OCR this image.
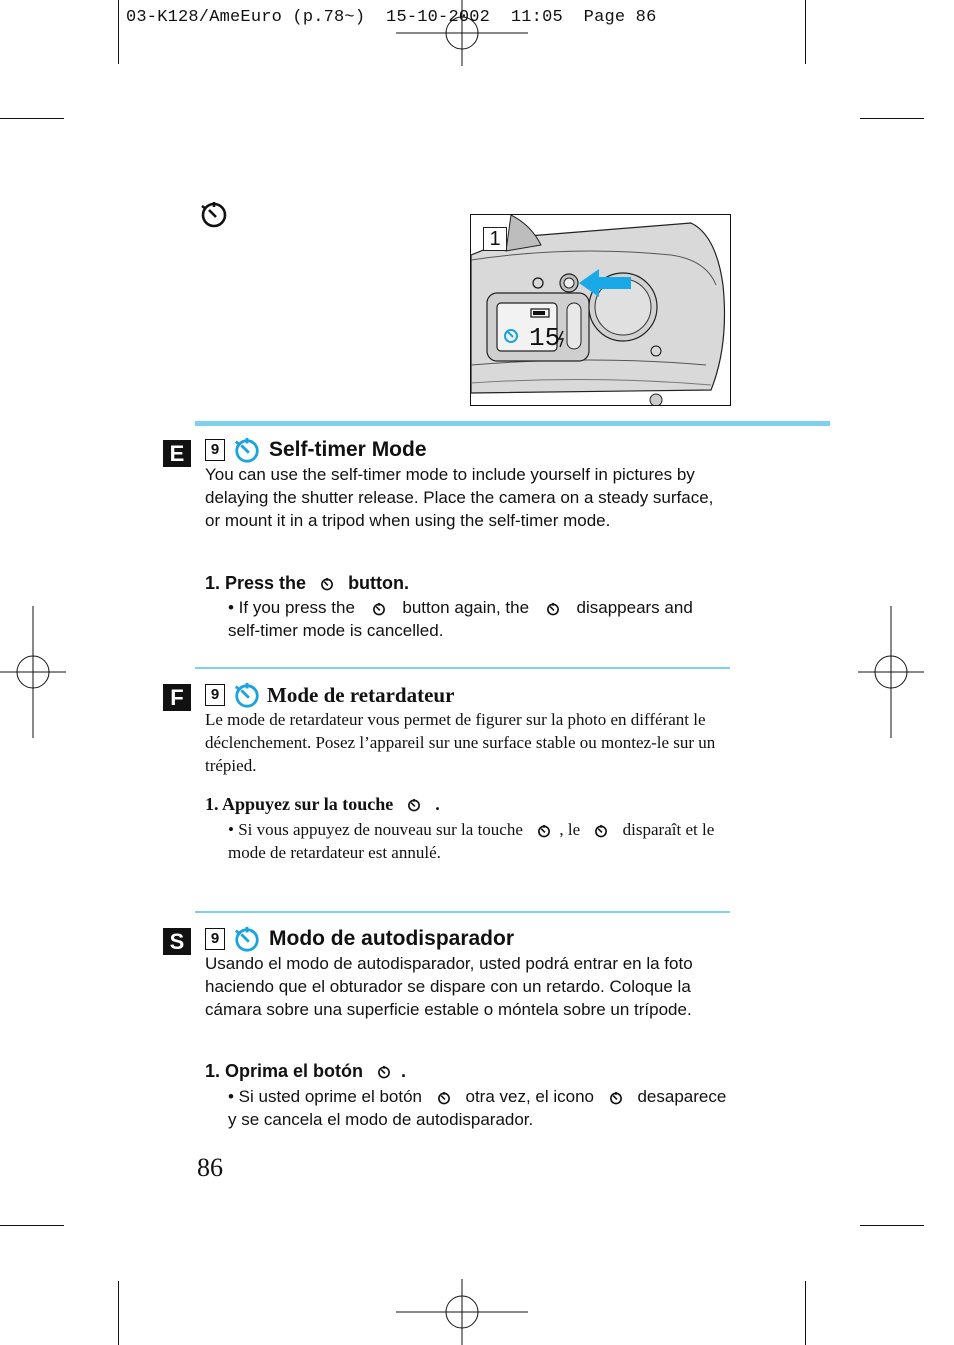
03-K128/AmeEuro (p.78~)  15-10-2002  11:05  Page 86
15
1
E	9 Self-timer Mode
You can use the self-timer mode to include yourself in pictures by delaying the shutter release. Place the camera on a steady surface, or mount it in a tripod when using the self-timer mode.
1. Press the button.
• If you press the	button again, the	disappears and self-timer mode is cancelled.
F	9 Mode de retardateur
Le mode de retardateur vous permet de figurer sur la photo en différant le déclenchement. Posez l’appareil sur une surface stable ou montez-le sur un trépied.
1. Appuyez sur la touche .
• Si vous appuyez de nouveau sur la touche , le	disparaît et le mode de retardateur est annulé.
S	9 Modo de autodisparador
Usando el modo de autodisparador, usted podrá entrar en la foto haciendo que el obturador se dispare con un retardo. Coloque la cámara sobre una superficie estable o móntela sobre un trípode.
1. Oprima el botón .
• Si usted oprime el botón	otra vez, el icono	desaparece y se cancela el modo de autodisparador.
86
